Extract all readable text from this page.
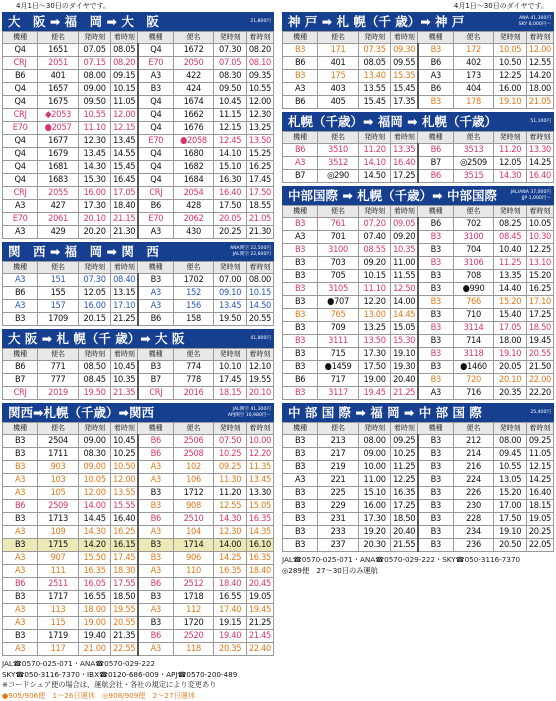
4月1日～30日のダイヤです。
大　阪 ➡ 福　岡 ➡ 大　阪	21,800円
機種	便名	発時刻	着時刻	機種	便名	発時刻	着時刻
Q4	1651	07.05	08.05	Q4	1672	07.30	08.20
CRJ	2051	07.15	08.20	E70	2050	07.05	08.10
B6	401	08.00	09.15	A3	422	08.30	09.35
Q4	1657	09.00	10.15	B3	424	09.50	10.55
Q4	1675	09.50	11.05	Q4	1674	10.45	12.00
CRJ	◆2053	10.55	12.00	Q4	1662	11.15	12.30
E70	●2057	11.10	12.15	Q4	1676	12.15	13.25
Q4	1677	12.30	13.45	E70	●2058	12.45	13.50
Q4	1679	13.45	14.55	Q4	1680	14.10	15.25
Q4	1681	14.30	15.45	Q4	1682	15.10	16.25
Q4	1683	15.30	16.45	Q4	1684	16.30	17.45
CRJ	2055	16.00	17.05	CRJ	2054	16.40	17.50
A3	427	17.30	18.40	B6	428	17.50	18.55
E70	2061	20.10	21.15	E70	2062	20.05	21.05
A3	429	20.20	21.30	A3	430	20.25	21.30
関　西 ➡ 福　岡 ➡ 関　西	ANA関空 22,500円
JAL関空 22,600円
機種	便名	発時刻	着時刻	機種	便名	発時刻	着時刻
A3	151	07.30	08.40	B3	1702	07.00	08.00
B6	155	12.05	13.15	A3	152	09.10	10.15
A3	157	16.00	17.10	A3	156	13.45	14.50
B3	1709	20.15	21.25	B6	158	19.50	20.55
大 阪 ➡ 札 幌（千 歳）➡ 大 阪	41,800円
機種	便名	発時刻	着時刻	機種	便名	発時刻	着時刻
B6	771	08.50	10.45	B3	774	10.10	12.10
B7	777	08.45	10.35	B7	778	17.45	19.55
CRJ	2019	19.50	21.35	CRJ	2016	18.15	20.10
関西➡札幌（千歳）➡関西	JAL関空 41,300円
APJ関空 10,980円～
機種	便名	発時刻	着時刻	機種	便名	発時刻	着時刻
B3	2504	09.00	10.45	B6	2506	07.50	10.00
B3	1711	08.30	10.25	B6	2508	10.25	12.20
B3	903	09.00	10.50	A3	102	09.25	11.35
A3	103	10.05	12.00	A3	106	11.30	13.45
A3	105	12.00	13.55	B3	1712	11.20	13.30
B6	2509	14.00	15.55	B3	908	12.55	15.05
B3	1713	14.45	16.40	B6	2510	14.30	16.35
A3	109	14.30	16.25	A3	104	12.30	14.35
B3	1715	14.20	16.15	B3	1714	14.00	16.10
A3	907	15.50	17.45	B3	906	14.25	16.35
A3	111	16.35	18.30	A3	110	16.35	18.40
B6	2511	16.05	17.55	B6	2512	18.40	20.45
B3	1717	16.55	18.50	B3	1718	16.55	19.05
A3	113	18.00	19.55	A3	112	17.40	19.45
A3	115	19.00	20.55	B3	1720	19.15	21.25
B3	1719	19.40	21.35	B6	2520	19.40	21.45
A3	117	21.00	22.55	A3	118	20.35	22.40
JAL☎0570-025-071・ANA☎0570-029-222
SKY☎050-3116-7370・IBX☎0120-686-009・APJ☎0570-200-489
※コードシェア便の場合は、運航会社・各社の規定により変更あり
●905/906便　1～26日運休　◎908/909便　2～27日運休
4月1日～30日のダイヤです。
神 戸 ➡ 札 幌（千 歳）➡ 神 戸	ANA 41,300円
SKY 8,000円～
機種	便名	発時刻	着時刻	機種	便名	発時刻	着時刻
B3	171	07.35	09.30	B3	172	10.05	12.00
B6	401	08.05	09.55	B6	402	10.50	12.55
B3	175	13.40	15.35	A3	173	12.25	14.20
A3	403	13.55	15.45	B6	404	16.00	18.00
B6	405	15.45	17.35	B3	178	19.10	21.05
札幌（千歳）➡ 福岡 ➡ 札幌（千歳）	51,100円
機種	便名	発時刻	着時刻	機種	便名	発時刻	着時刻
B6	3510	11.20	13.35	B6	3513	11.20	13.30
A3	3512	14.10	16.40	B7	◎2509	12.05	14.25
B7	◎290	14.50	17.25	B6	3515	14.30	16.40
中部国際 ➡ 札幌（千歳）➡ 中部国際	JAL/ANA 37,000円
JJP 1,000円～
機種	便名	発時刻	着時刻	機種	便名	発時刻	着時刻
B3	761	07.20	09.05	B6	702	08.25	10.05
A3	701	07.40	09.20	B3	3100	08.45	10.30
B3	3100	08.55	10.35	B3	704	10.40	12.25
B3	703	09.20	11.00	B3	3106	11.25	13.10
B3	705	10.15	11.55	B3	708	13.35	15.20
B3	3105	11.10	12.50	B3	●990	14.40	16.25
B3	●707	12.20	14.00	B3	766	15.20	17.10
B3	765	13.00	14.45	B3	710	15.40	17.25
B3	709	13.25	15.05	B3	3114	17.05	18.50
B3	3111	13.50	15.30	B3	714	18.00	19.45
B3	715	17.30	19.10	B3	3118	19.10	20.55
B3	●1459	17.50	19.30	B3	●1460	20.05	21.50
B6	717	19.00	20.40	B3	720	20.10	22.00
B3	3117	19.45	21.25	A3	716	20.35	22.20
中 部 国 際 ➡ 福 岡 ➡ 中 部 国 際	25,400円
機種	便名	発時刻	着時刻	機種	便名	発時刻	着時刻
B3	213	08.00	09.25	B3	212	08.00	09.25
B3	217	09.00	10.25	B3	214	09.45	11.05
B3	219	10.00	11.25	B3	216	10.55	12.15
A3	221	11.00	12.25	B3	224	13.05	14.25
B3	225	15.10	16.35	B3	226	15.20	16.40
B3	229	16.00	17.25	B3	230	17.00	18.15
B3	231	17.30	18.50	B3	228	17.50	19.05
B3	233	19.20	20.40	B3	234	19.10	20.25
B3	237	20.30	21.55	B3	236	20.50	22.05
JAL☎0570-025-071・ANA☎0570-029-222・SKY☎050-3116-7370
◎289便　27～30日のみ運航
